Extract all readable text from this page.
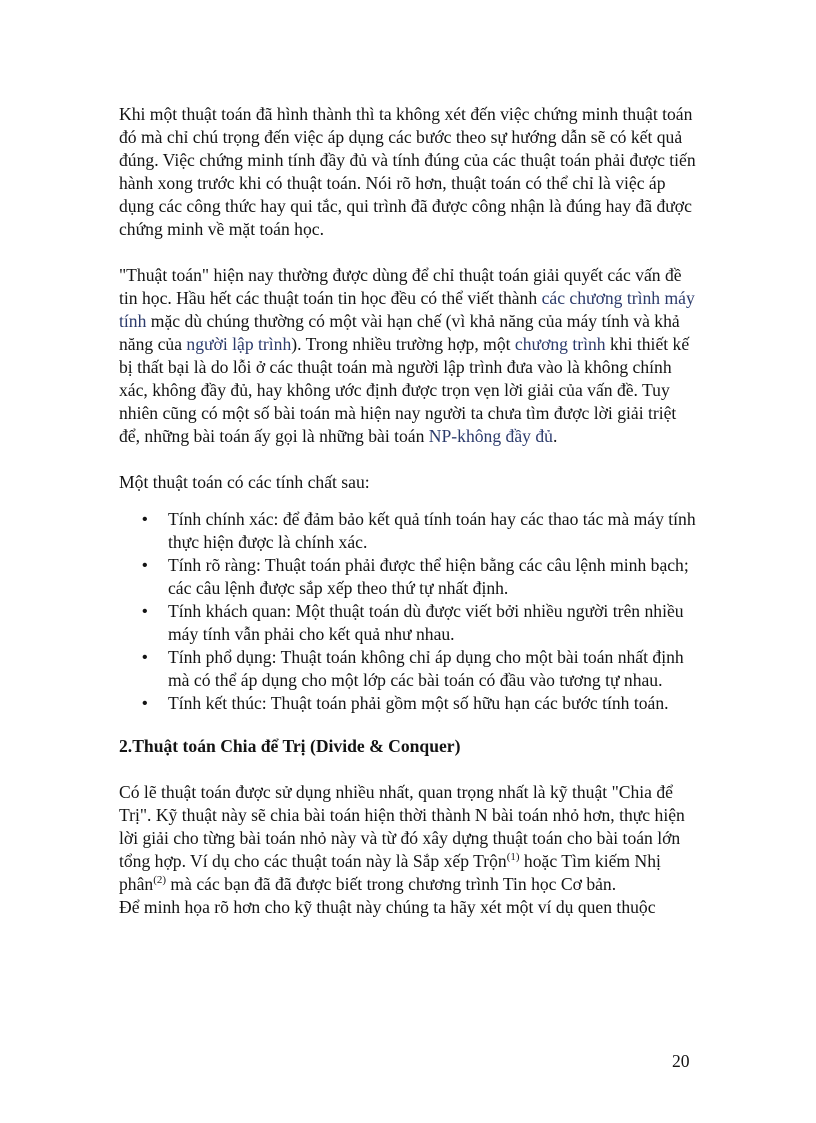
Khi một thuật toán đã hình thành thì ta không xét đến việc chứng minh thuật toán đó mà chỉ chú trọng đến việc áp dụng các bước theo sự hướng dẫn sẽ có kết quả đúng. Việc chứng minh tính đầy đủ và tính đúng của các thuật toán phải được tiến hành xong trước khi có thuật toán. Nói rõ hơn, thuật toán có thể chỉ là việc áp dụng các công thức hay qui tắc, qui trình đã được công nhận là đúng hay đã được chứng minh về mặt toán học.

"Thuật toán" hiện nay thường được dùng để chỉ thuật toán giải quyết các vấn đề tin học. Hầu hết các thuật toán tin học đều có thể viết thành các chương trình máy tính mặc dù chúng thường có một vài hạn chế (vì khả năng của máy tính và khả năng của người lập trình). Trong nhiều trường hợp, một chương trình khi thiết kế bị thất bại là do lỗi ở các thuật toán mà người lập trình đưa vào là không chính xác, không đầy đủ, hay không ước định được trọn vẹn lời giải của vấn đề. Tuy nhiên cũng có một số bài toán mà hiện nay người ta chưa tìm được lời giải triệt để, những bài toán ấy gọi là những bài toán NP-không đầy đủ.

Một thuật toán có các tính chất sau:

• Tính chính xác: để đảm bảo kết quả tính toán hay các thao tác mà máy tính thực hiện được là chính xác.
• Tính rõ ràng: Thuật toán phải được thể hiện bằng các câu lệnh minh bạch; các câu lệnh được sắp xếp theo thứ tự nhất định.
• Tính khách quan: Một thuật toán dù được viết bởi nhiều người trên nhiều máy tính vẫn phải cho kết quả như nhau.
• Tính phổ dụng: Thuật toán không chỉ áp dụng cho một bài toán nhất định mà có thể áp dụng cho một lớp các bài toán có đầu vào tương tự nhau.
• Tính kết thúc: Thuật toán phải gồm một số hữu hạn các bước tính toán.

2.Thuật toán Chia để Trị (Divide & Conquer)

Có lẽ thuật toán được sử dụng nhiều nhất, quan trọng nhất là kỹ thuật "Chia để Trị". Kỹ thuật này sẽ chia bài toán hiện thời thành N bài toán nhỏ hơn, thực hiện lời giải cho từng bài toán nhỏ này và từ đó xây dựng thuật toán cho bài toán lớn tổng hợp. Ví dụ cho các thuật toán này là Sắp xếp Trộn$^{(1)}$ hoặc Tìm kiếm Nhị phân$^{(2)}$ mà các bạn đã đã được biết trong chương trình Tin học Cơ bản.

Để minh họa rõ hơn cho kỹ thuật này chúng ta hãy xét một ví dụ quen thuộc

20
